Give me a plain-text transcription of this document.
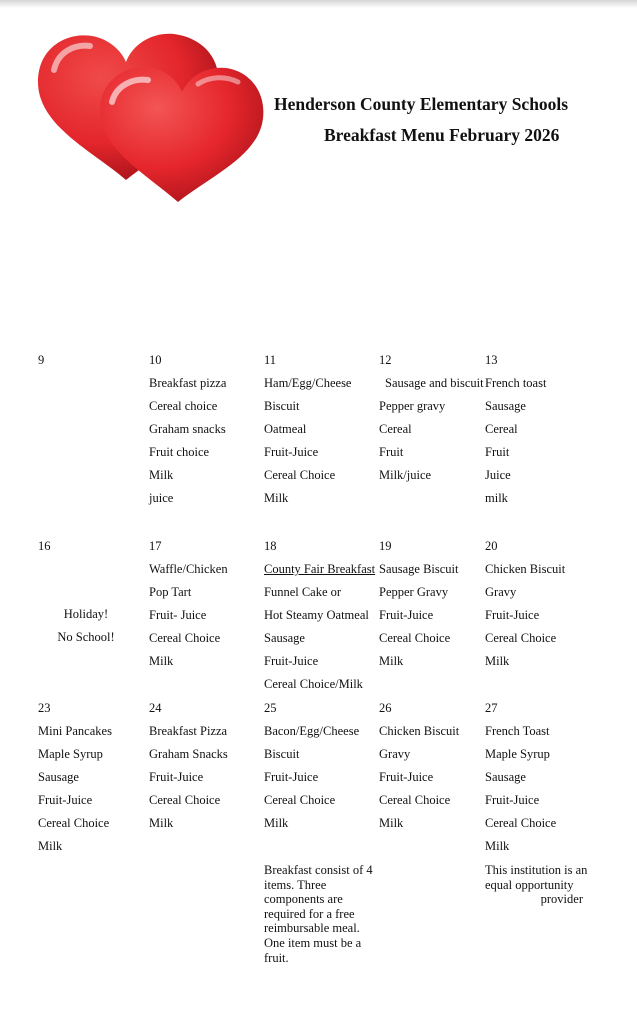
Henderson County Elementary Schools
Breakfast Menu February 2026
9	10
Breakfast pizza
Cereal choice
Graham snacks
Fruit choice
Milk
juice
11
Ham/Egg/Cheese
Biscuit
Oatmeal
Fruit-Juice
Cereal Choice
Milk
12
Sausage and biscuit
Pepper gravy
Cereal
Fruit
Milk/juice
13
French toast
Sausage
Cereal
Fruit
Juice
milk
16
Holiday!
No School!
17
Waffle/Chicken
Pop Tart
Fruit- Juice
Cereal Choice
Milk
18
County Fair Breakfast
Funnel Cake or
Hot Steamy Oatmeal
Sausage
Fruit-Juice
Cereal Choice/Milk
19
Sausage Biscuit
Pepper Gravy
Fruit-Juice
Cereal Choice
Milk
20
Chicken Biscuit
Gravy
Fruit-Juice
Cereal Choice
Milk
23
Mini Pancakes
Maple Syrup
Sausage
Fruit-Juice
Cereal Choice
Milk
24
Breakfast Pizza
Graham Snacks
Fruit-Juice
Cereal Choice
Milk
25
Bacon/Egg/Cheese
Biscuit
Fruit-Juice
Cereal Choice
Milk
26
Chicken Biscuit
Gravy
Fruit-Juice
Cereal Choice
Milk
27
French Toast
Maple Syrup
Sausage
Fruit-Juice
Cereal Choice
Milk
Breakfast consist of 4 items. Three components are required for a free reimbursable meal. One item must be a fruit.
This institution is an
equal opportunity
provider
